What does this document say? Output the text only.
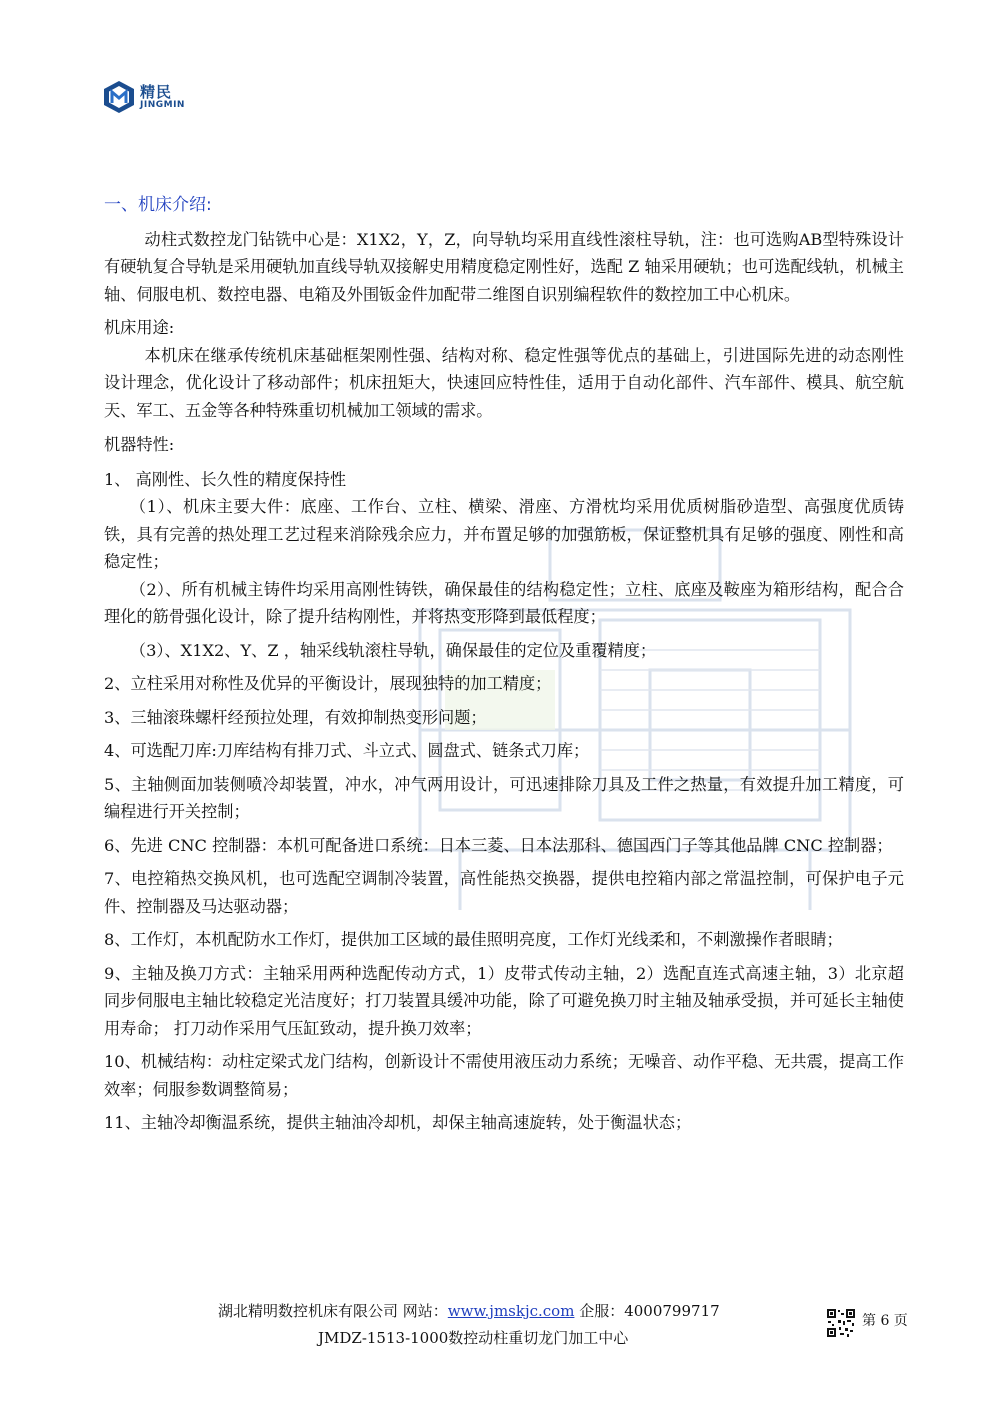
精民
JINGMIN
一、机床介绍:

动柱式数控龙门钻铣中心是：X1X2，Y，Z，向导轨均采用直线性滚柱导轨，注：也可选购AB型特殊设计有硬轨复合导轨是采用硬轨加直线导轨双接解史用精度稳定刚性好，选配 Z 轴采用硬轨；也可选配线轨，机械主轴、伺服电机、数控电器、电箱及外围钣金件加配带二维图自识别编程软件的数控加工中心机床。

机床用途:

本机床在继承传统机床基础框架刚性强、结构对称、稳定性强等优点的基础上，引进国际先进的动态刚性设计理念，优化设计了移动部件；机床扭矩大，快速回应特性佳，适用于自动化部件、汽车部件、模具、航空航天、军工、五金等各种特殊重切机械加工领域的需求。

机器特性:

1、 高刚性、长久性的精度保持性

（1）、机床主要大件：底座、工作台、立柱、横梁、滑座、方滑枕均采用优质树脂砂造型、高强度优质铸铁，具有完善的热处理工艺过程来消除残余应力，并布置足够的加强筋板，保证整机具有足够的强度、刚性和高稳定性；

（2）、所有机械主铸件均采用高刚性铸铁，确保最佳的结构稳定性；立柱、底座及鞍座为箱形结构，配合合理化的筋骨强化设计，除了提升结构刚性，并将热变形降到最低程度；

（3）、X1X2、Y、Z ，轴采线轨滚柱导轨，确保最佳的定位及重覆精度；

2、立柱采用对称性及优异的平衡设计，展现独特的加工精度；

3、三轴滚珠螺杆经预拉处理，有效抑制热变形问题；

4、可选配刀库:刀库结构有排刀式、斗立式、圆盘式、链条式刀库；

5、主轴侧面加装侧喷冷却装置，冲水，冲气两用设计，可迅速排除刀具及工件之热量，有效提升加工精度，可编程进行开关控制；

6、先进 CNC 控制器：本机可配备进口系统：日本三菱、日本法那科、德国西门子等其他品牌 CNC 控制器；

7、电控箱热交换风机，也可选配空调制冷装置，高性能热交换器，提供电控箱内部之常温控制，可保护电子元件、控制器及马达驱动器；

8、工作灯，本机配防水工作灯，提供加工区域的最佳照明亮度，工作灯光线柔和，不刺激操作者眼睛；

9、主轴及换刀方式：主轴采用两种选配传动方式，1）皮带式传动主轴，2）选配直连式高速主轴，3）北京超同步伺服电主轴比较稳定光洁度好；打刀装置具缓冲功能，除了可避免换刀时主轴及轴承受损，并可延长主轴使用寿命； 打刀动作采用气压缸致动，提升换刀效率；

10、机械结构：动柱定梁式龙门结构，创新设计不需使用液压动力系统；无噪音、动作平稳、无共震，提高工作效率；伺服参数调整简易；

11、主轴冷却衡温系统，提供主轴油冷却机，却保主轴高速旋转，处于衡温状态；

湖北精明数控机床有限公司 网站：www.jmskjc.com 企服：4000799717
JMDZ-1513-1000数控动柱重切龙门加工中心
第 6 页
